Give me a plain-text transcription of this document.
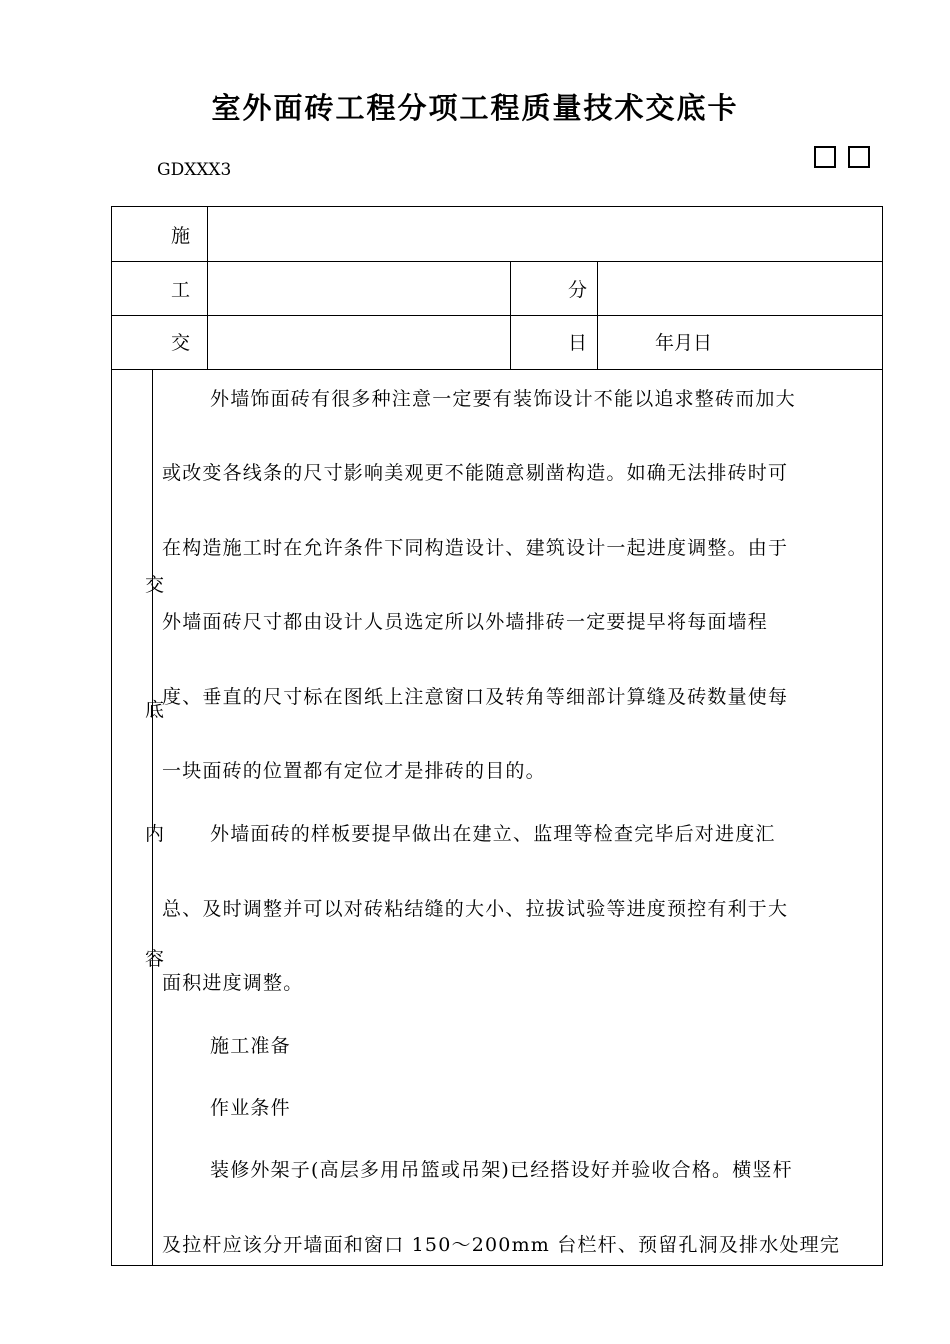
室外面砖工程分项工程质量技术交底卡
GDXXX3
施
工	分
交	日	年月日
交
底
内
容
外墙饰面砖有很多种注意一定要有装饰设计不能以追求整砖而加大
或改变各线条的尺寸影响美观更不能随意剔凿构造。如确无法排砖时可
在构造施工时在允许条件下同构造设计、建筑设计一起进度调整。由于
外墙面砖尺寸都由设计人员选定所以外墙排砖一定要提早将每面墙程
度、垂直的尺寸标在图纸上注意窗口及转角等细部计算缝及砖数量使每
一块面砖的位置都有定位才是排砖的目的。
外墙面砖的样板要提早做出在建立、监理等检查完毕后对进度汇
总、及时调整并可以对砖粘结缝的大小、拉拔试验等进度预控有利于大
面积进度调整。
施工准备
作业条件
装修外架子(高层多用吊篮或吊架)已经搭设好并验收合格。横竖杆
及拉杆应该分开墙面和窗口 150～200mm 台栏杆、预留孔洞及排水处理完
